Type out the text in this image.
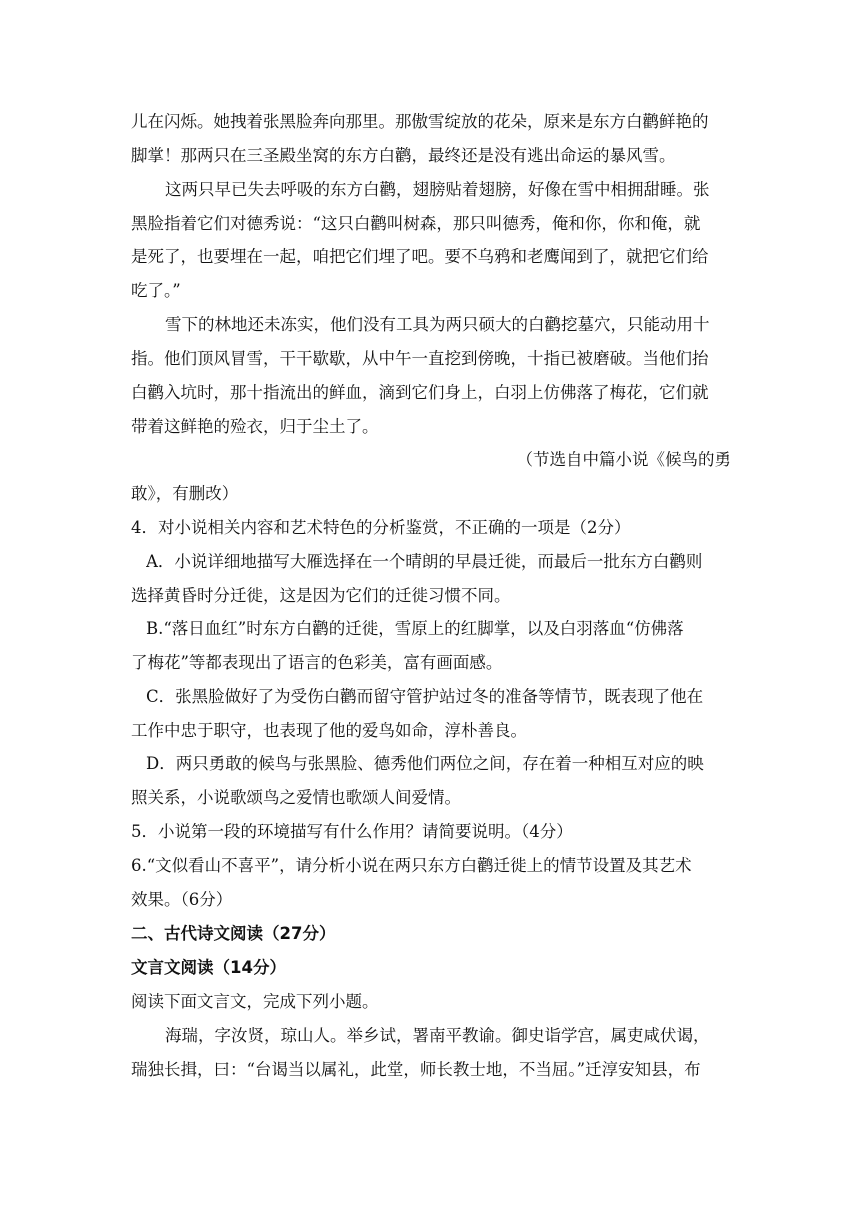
儿在闪烁。她拽着张黑脸奔向那里。那傲雪绽放的花朵，原来是东方白鹳鲜艳的
脚掌！那两只在三圣殿坐窝的东方白鹳，最终还是没有逃出命运的暴风雪。
这两只早已失去呼吸的东方白鹳，翅膀贴着翅膀，好像在雪中相拥甜睡。张
黑脸指着它们对德秀说：“这只白鹳叫树森，那只叫德秀，俺和你，你和俺，就
是死了，也要埋在一起，咱把它们埋了吧。要不乌鸦和老鹰闻到了，就把它们给
吃了。”
雪下的林地还未冻实，他们没有工具为两只硕大的白鹳挖墓穴，只能动用十
指。他们顶风冒雪，干干歇歇，从中午一直挖到傍晚，十指已被磨破。当他们抬
白鹳入坑时，那十指流出的鲜血，滴到它们身上，白羽上仿佛落了梅花，它们就
带着这鲜艳的殓衣，归于尘土了。
（节选自中篇小说《候鸟的勇
敢》，有删改）
4．对小说相关内容和艺术特色的分析鉴赏，不正确的一项是（2分）
A．小说详细地描写大雁选择在一个晴朗的早晨迁徙，而最后一批东方白鹳则
选择黄昏时分迁徙，这是因为它们的迁徙习惯不同。
B.“落日血红”时东方白鹳的迁徙，雪原上的红脚掌，以及白羽落血“仿佛落
了梅花”等都表现出了语言的色彩美，富有画面感。
C．张黑脸做好了为受伤白鹳而留守管护站过冬的准备等情节，既表现了他在
工作中忠于职守，也表现了他的爱鸟如命，淳朴善良。
D．两只勇敢的候鸟与张黑脸、德秀他们两位之间，存在着一种相互对应的映
照关系，小说歌颂鸟之爱情也歌颂人间爱情。
5．小说第一段的环境描写有什么作用？请简要说明。（4分）
6.“文似看山不喜平”，请分析小说在两只东方白鹳迁徙上的情节设置及其艺术
效果。（6分）
二、古代诗文阅读（27分）
文言文阅读（14分）
阅读下面文言文，完成下列小题。
海瑞，字汝贤，琼山人。举乡试，署南平教谕。御史诣学宫，属吏咸伏谒，
瑞独长揖，曰：“台谒当以属礼，此堂，师长教士地，不当屈。”迁淳安知县，布
